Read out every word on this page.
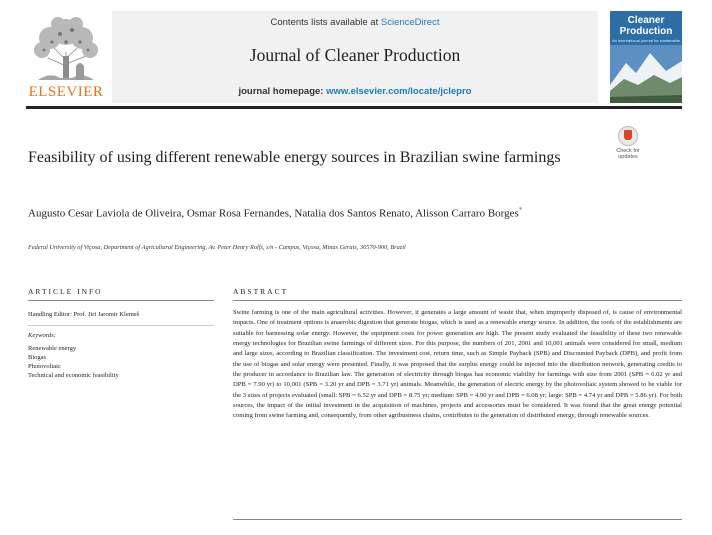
ELSEVIER
Contents lists available at ScienceDirect
Journal of Cleaner Production
journal homepage: www.elsevier.com/locate/jclepro
Cleaner Production
An international journal for sustainable
Feasibility of using different renewable energy sources in Brazilian swine farmings	Check for updates
Augusto Cesar Laviola de Oliveira, Osmar Rosa Fernandes, Natalia dos Santos Renato, Alisson Carraro Borges*
Federal University of Viçosa, Department of Agricultural Engineering, Av. Peter Henry Rolfs, s/n - Campus, Viçosa, Minas Gerais, 36570-900, Brazil
ARTICLE INFO
Handling Editor: Prof. Jiri Jaromir Klemeš
Keywords:
Renewable energy
Biogas
Photovoltaic
Technical and economic feasibility
ABSTRACT
Swine farming is one of the main agricultural activities. However, it generates a large amount of waste that, when improperly disposed of, is cause of environmental impacts. One of treatment options is anaerobic digestion that generate biogas, which is used as a renewable energy source. In addition, the roofs of the establishments are suitable for harnessing solar energy. However, the equipment costs for power generation are high. The present study evaluated the feasibility of these two renewable energy technologies for Brazilian swine farmings of different sizes. For this purpose, the numbers of 201, 2001 and 10,001 animals were considered for small, medium and large sizes, according to Brazilian classification. The investment cost, return time, such as Simple Payback (SPB) and Discounted Payback (DPB), and profit from the use of biogas and solar energy were presented. Finally, it was proposed that the surplus energy could be injected into the distribution network, generating credits to the producer in accordance to Brazilian law. The generation of electricity through biogas has economic viability for farmings with size from 2001 (SPB = 6.02 yr and DPB = 7.90 yr) to 10,001 (SPB = 3.20 yr and DPB = 3.71 yr) animals. Meanwhile, the generation of electric energy by the photovoltaic system showed to be viable for the 3 sizes of projects evaluated (small: SPB = 6.52 yr and DPB = 8.75 yr; medium: SPB = 4.90 yr and DPB = 6.08 yr; large: SPB = 4.74 yr and DPB = 5.86 yr). For both sources, the impact of the initial investment in the acquisition of machines, projects and accessories must be considered. It was found that the great energy potential coming from swine farming and, consequently, from other agribusiness chains, contributes to the generation of distributed energy, through renewable sources.
